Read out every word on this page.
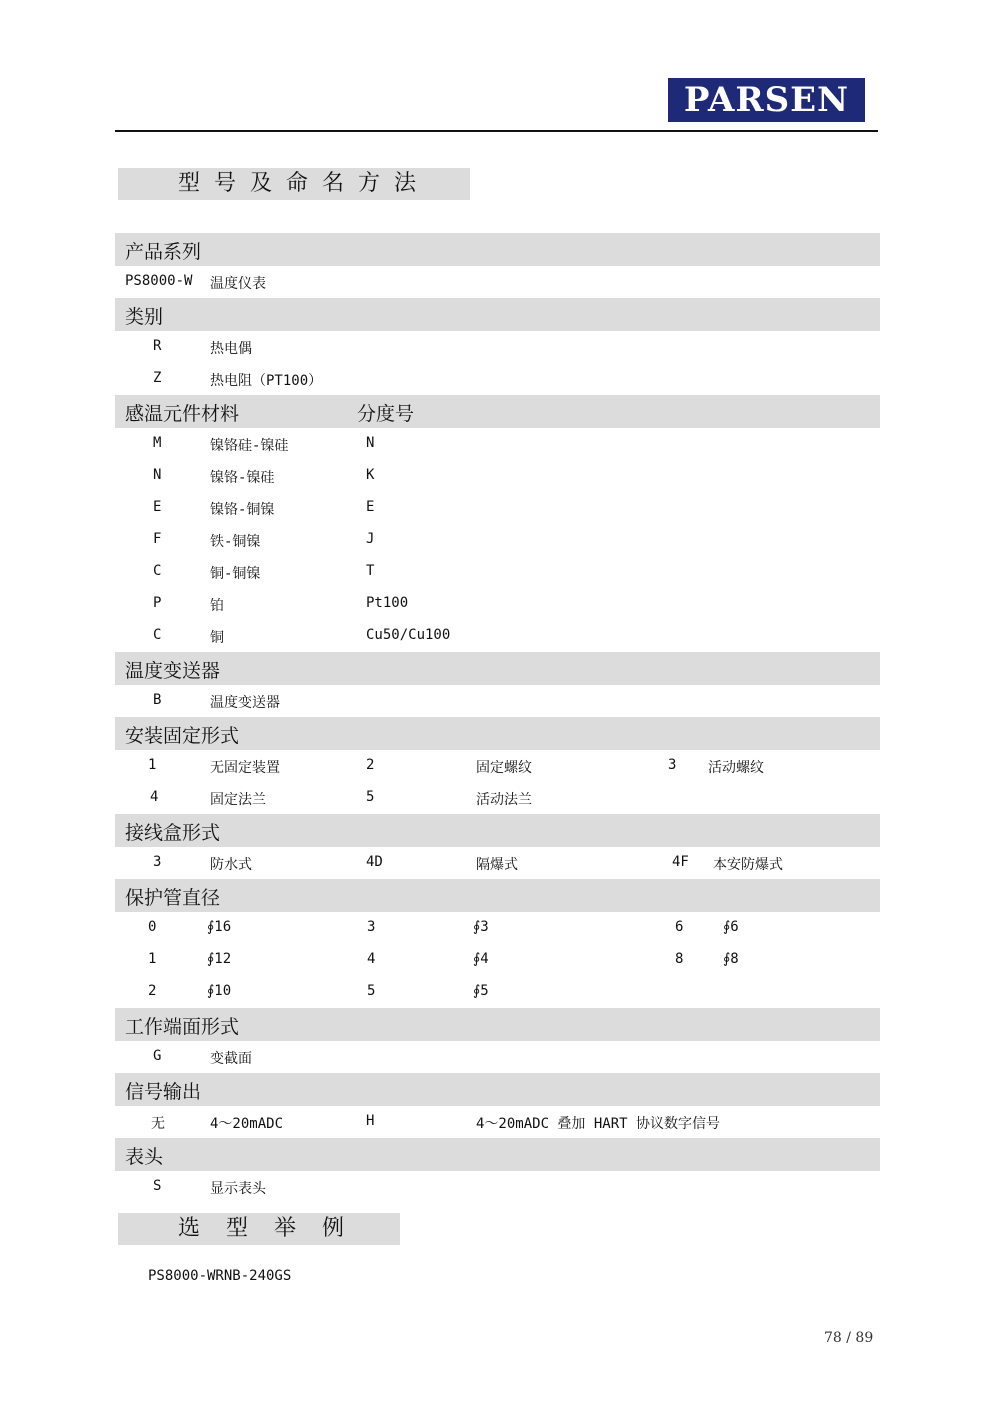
PARSEN
型号及命名方法
产品系列
PS8000-W 温度仪表
类别
R	热电偶
Z	热电阻（PT100）
感温元件材料	分度号
M	镍铬硅-镍硅	N
N	镍铬-镍硅	K
E	镍铬-铜镍	E
F	铁-铜镍	J
C	铜-铜镍	T
P	铂	Pt100
C	铜	Cu50/Cu100
温度变送器
B	温度变送器
安装固定形式
1	无固定装置	2	固定螺纹	3 活动螺纹
4	固定法兰	5	活动法兰
接线盒形式
3	防水式	4D	隔爆式	4F 本安防爆式
保护管直径
0	∮16	3	∮3	6	∮6
1	∮12	4	∮4	8	∮8
2	∮10	5	∮5
工作端面形式
G	变截面
信号输出
无	4～20mADC	H	4～20mADC 叠加 HART 协议数字信号
表头
S	显示表头
选型举例
PS8000-WRNB-240GS
78 / 89
